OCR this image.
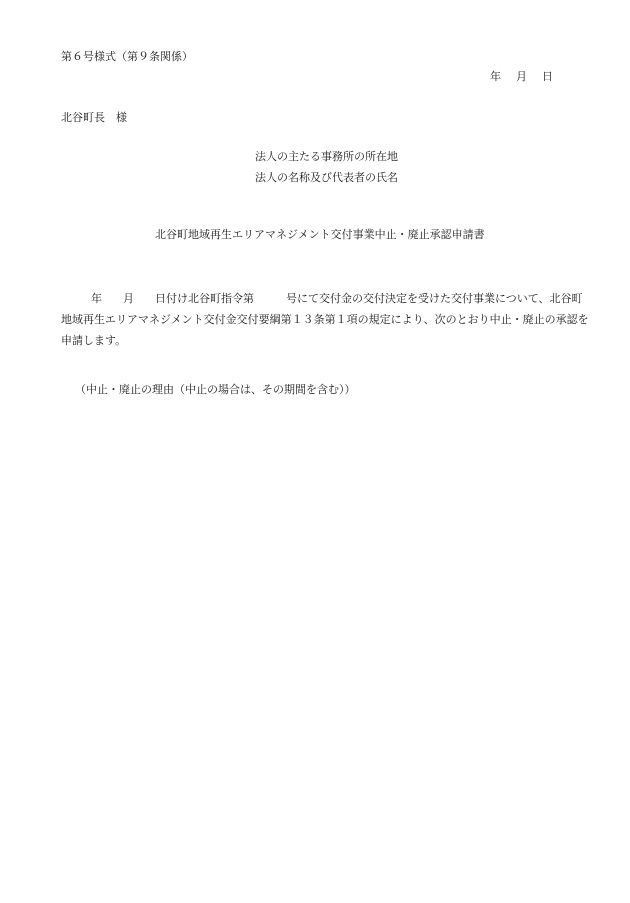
第６号様式（第９条関係）
年 月 日
北谷町長　様
法人の主たる事務所の所在地
法人の名称及び代表者の氏名
北谷町地域再生エリアマネジメント交付事業中止・廃止承認申請書
年 月 日付け北谷町指令第	号にて交付金の交付決定を受けた交付事業について、北谷町
地域再生エリアマネジメント交付金交付要綱第１３条第１項の規定により、次のとおり中止・廃止の承認を
申請します。
（中止・廃止の理由（中止の場合は、その期間を含む））
